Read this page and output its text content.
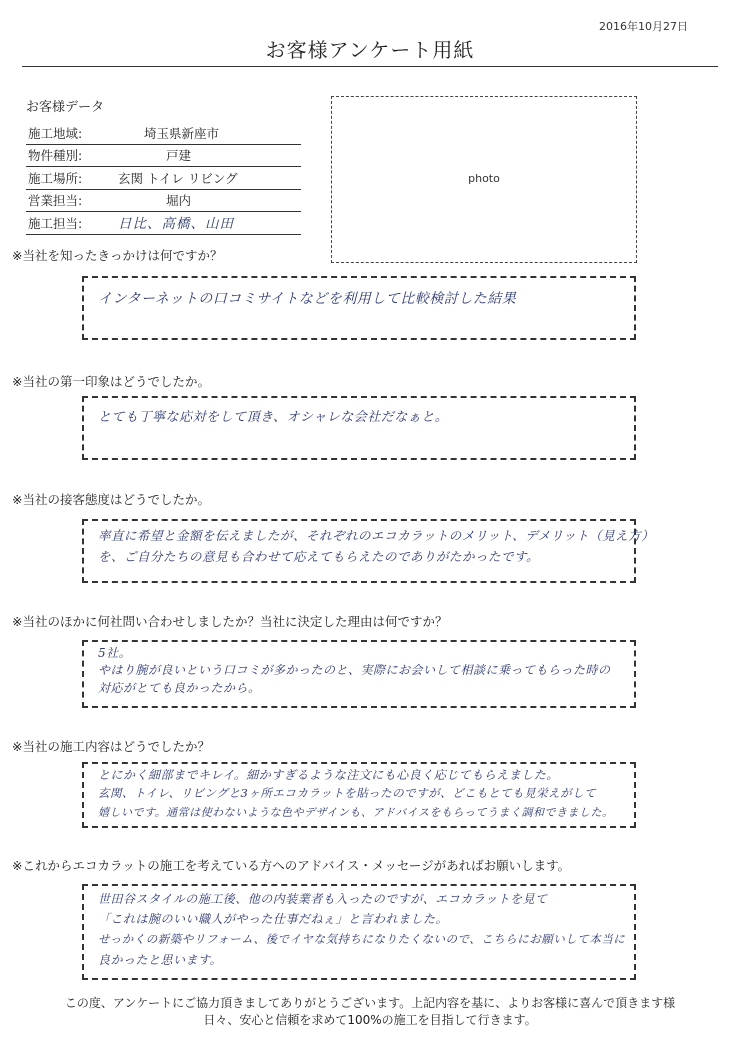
2016年10月27日
お客様アンケート用紙
お客様データ
施工地域:	埼玉県新座市
物件種別:	戸建
施工場所:	玄関 トイレ リビング
営業担当:	堀内
施工担当:	日比、高橋、山田
photo
※当社を知ったきっかけは何ですか？
インターネットの口コミサイトなどを利用して比較検討した結果
※当社の第一印象はどうでしたか。
とても丁寧な応対をして頂き、オシャレな会社だなぁと。
※当社の接客態度はどうでしたか。
率直に希望と金額を伝えましたが、それぞれのエコカラットのメリット、デメリット（見え方）
を、ご自分たちの意見も合わせて応えてもらえたのでありがたかったです。
※当社のほかに何社問い合わせしましたか？当社に決定した理由は何ですか？
5社。
やはり腕が良いという口コミが多かったのと、実際にお会いして相談に乗ってもらった時の
対応がとても良かったから。
※当社の施工内容はどうでしたか？
とにかく細部までキレイ。細かすぎるような注文にも心良く応じてもらえました。
玄関、トイレ、リビングと3ヶ所エコカラットを貼ったのですが、どこもとても見栄えがして
嬉しいです。通常は使わないような色やデザインも、アドバイスをもらってうまく調和できました。
※これからエコカラットの施工を考えている方へのアドバイス・メッセージがあればお願いします。
世田谷スタイルの施工後、他の内装業者も入ったのですが、エコカラットを見て
「これは腕のいい職人がやった仕事だねぇ」と言われました。
せっかくの新築やリフォーム、後でイヤな気持ちになりたくないので、こちらにお願いして本当に
良かったと思います。
この度、アンケートにご協力頂きましてありがとうございます。上記内容を基に、よりお客様に喜んで頂きます様
日々、安心と信頼を求めて100%の施工を目指して行きます。
